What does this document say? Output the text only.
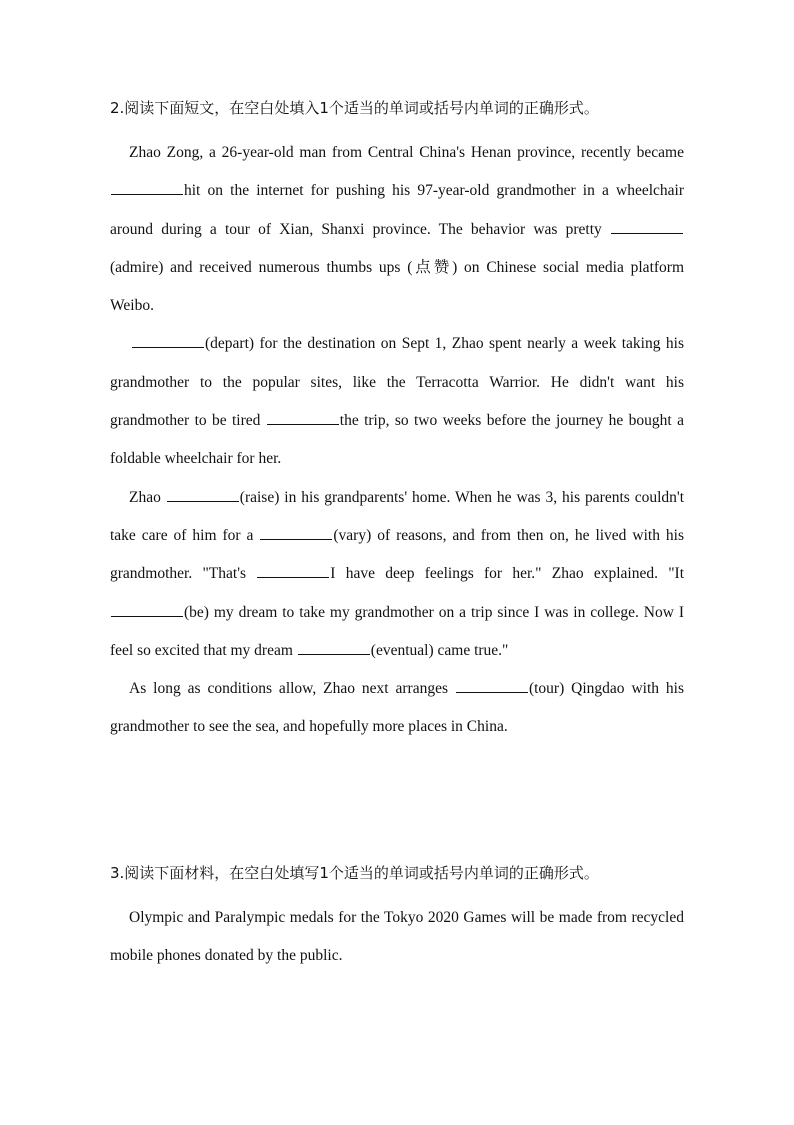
2.阅读下面短文，在空白处填入1个适当的单词或括号内单词的正确形式。

Zhao Zong, a 26-year-old man from Central China's Henan province, recently became hit on the internet for pushing his 97-year-old grandmother in a wheelchair around during a tour of Xian, Shanxi province. The behavior was pretty (admire) and received numerous thumbs ups (点赞) on Chinese social media platform Weibo.

(depart) for the destination on Sept 1, Zhao spent nearly a week taking his grandmother to the popular sites, like the Terracotta Warrior. He didn't want his grandmother to be tired	the trip, so two weeks before the journey he bought a foldable wheelchair for her.

Zhao	(raise) in his grandparents' home. When he was 3, his parents couldn't take care of him for a	(vary) of reasons, and from then on, he lived with his grandmother. "That's	I have deep feelings for her." Zhao explained. "It (be) my dream to take my grandmother on a trip since I was in college. Now I feel so excited that my dream	(eventual) came true."

As long as conditions allow, Zhao next arranges	(tour) Qingdao with his grandmother to see the sea, and hopefully more places in China.

3.阅读下面材料，在空白处填写1个适当的单词或括号内单词的正确形式。

Olympic and Paralympic medals for the Tokyo 2020 Games will be made from recycled mobile phones donated by the public.
